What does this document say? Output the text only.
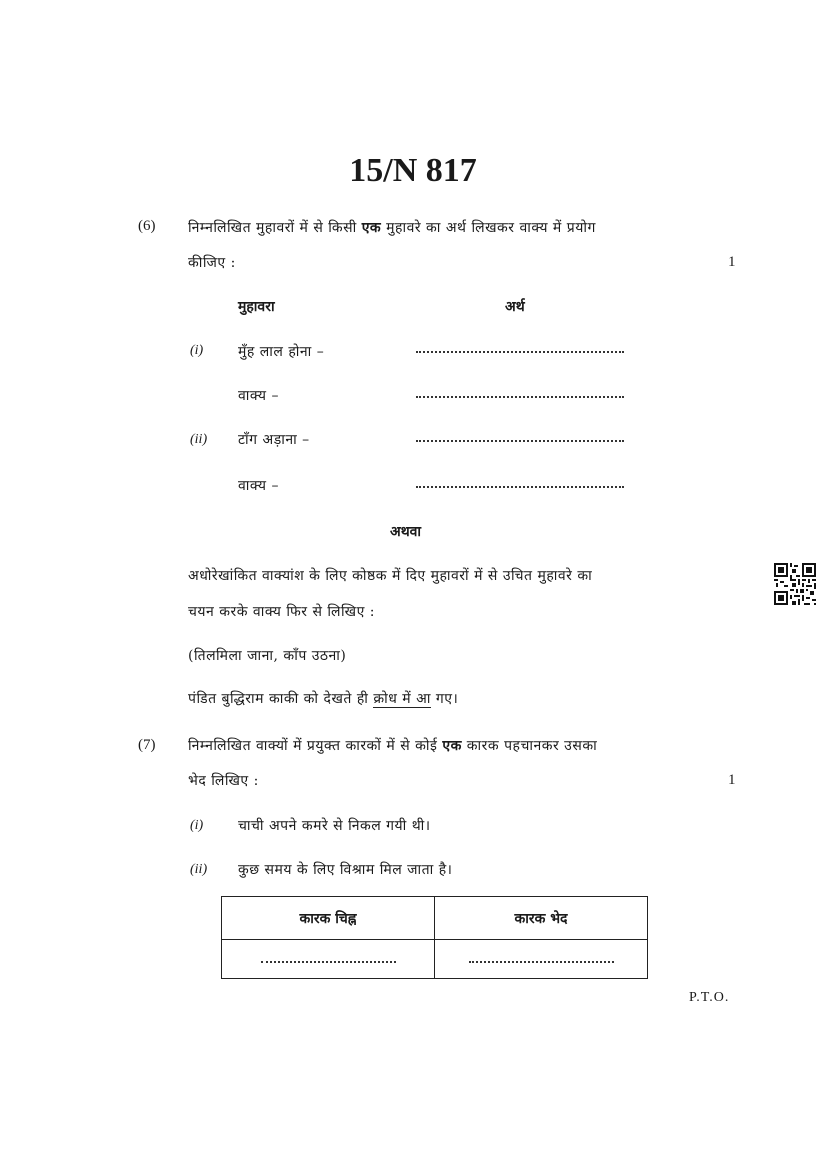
15/N 817
(6) निम्नलिखित मुहावरों में से किसी एक मुहावरे का अर्थ लिखकर वाक्य में प्रयोग
कीजिए :	1
मुहावरा	अर्थ
(i) मुँह लाल होना –
वाक्य –
(ii) टाँग अड़ाना –
वाक्य –
अथवा
अधोरेखांकित वाक्यांश के लिए कोष्ठक में दिए मुहावरों में से उचित मुहावरे का
चयन करके वाक्य फिर से लिखिए :
(तिलमिला जाना, काँप उठना)
पंडित बुद्धिराम काकी को देखते ही क्रोध में आ गए।
(7) निम्नलिखित वाक्यों में प्रयुक्त कारकों में से कोई एक कारक पहचानकर उसका
भेद लिखिए :	1
(i) चाची अपने कमरे से निकल गयी थी।
(ii) कुछ समय के लिए विश्राम मिल जाता है।
कारक चिह्न	कारक भेद

P.T.O.
